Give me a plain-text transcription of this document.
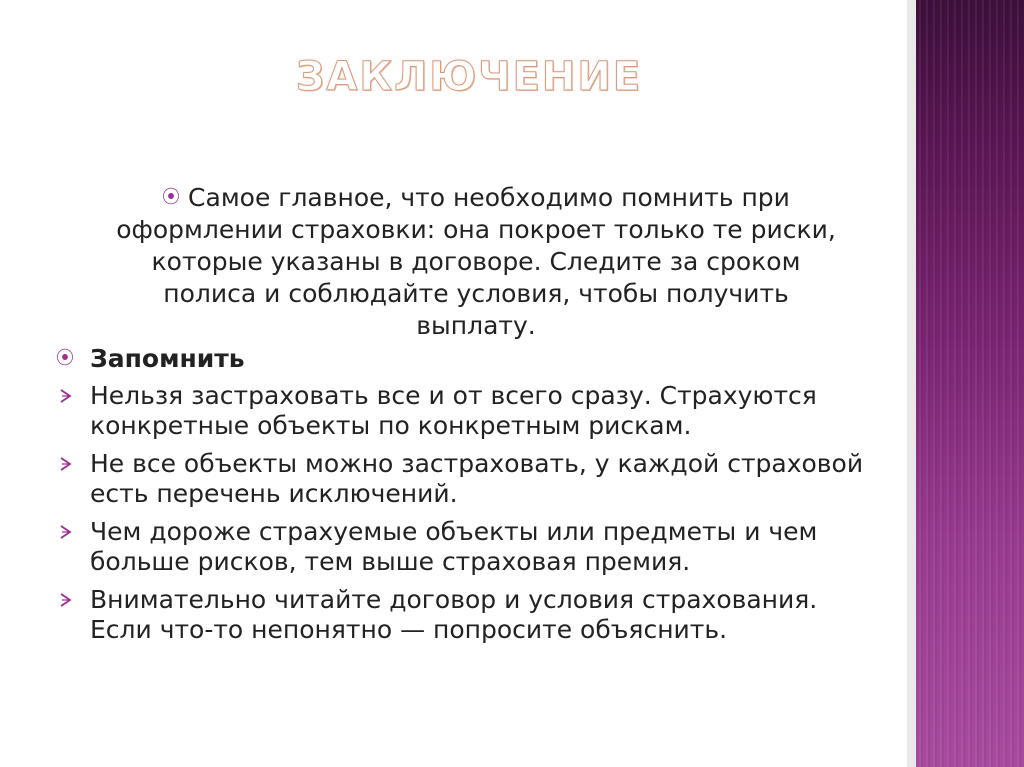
ЗАКЛЮЧЕНИЕ

⦿ Самое главное, что необходимо помнить при оформлении страховки: она покроет только те риски, которые указаны в договоре. Следите за сроком полиса и соблюдайте условия, чтобы получить выплату.

⦿ Запомнить

Нельзя застраховать все и от всего сразу. Страхуются конкретные объекты по конкретным рискам.
Не все объекты можно застраховать, у каждой страховой есть перечень исключений.
Чем дороже страхуемые объекты или предметы и чем больше рисков, тем выше страховая премия.
Внимательно читайте договор и условия страхования. Если что-то непонятно — попросите объяснить.
